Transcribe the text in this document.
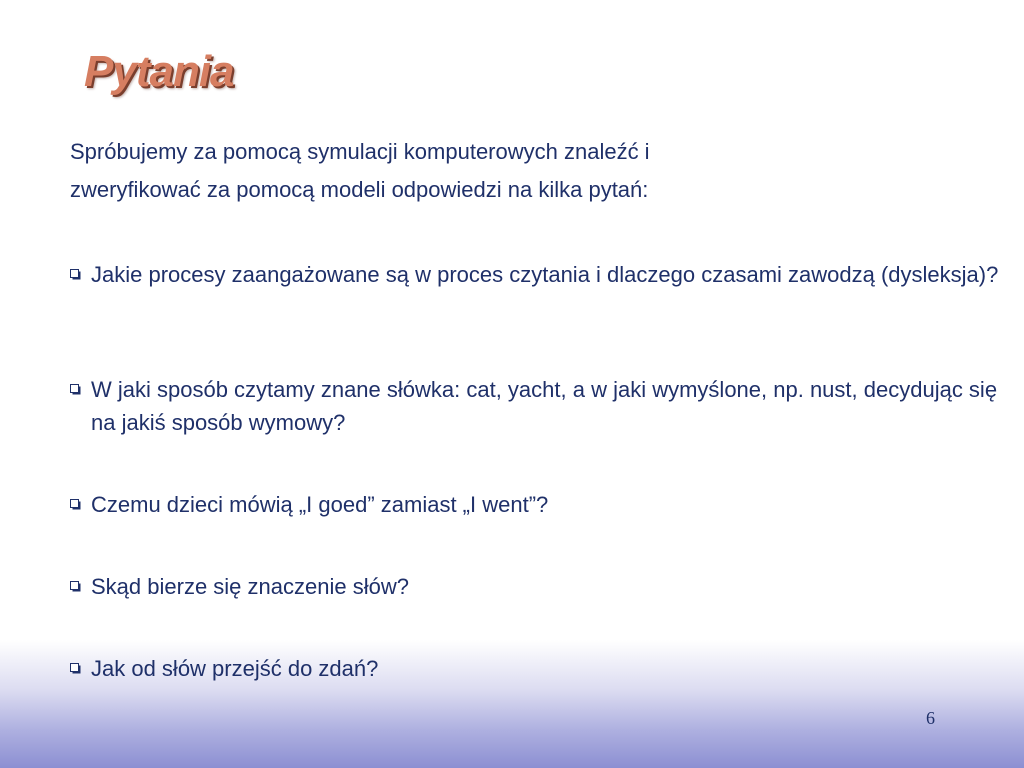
Pytania
Spróbujemy za pomocą symulacji komputerowych znaleźć i
zweryfikować za pomocą modeli odpowiedzi na kilka pytań:
Jakie procesy zaangażowane są w proces czytania i dlaczego czasami zawodzą (dysleksja)?
W jaki sposób czytamy znane słówka: cat, yacht, a w jaki wymyślone, np. nust, decydując się na jakiś sposób wymowy?
Czemu dzieci mówią „I goed” zamiast „I went”?
Skąd bierze się znaczenie słów?
Jak od słów przejść do zdań?
6
